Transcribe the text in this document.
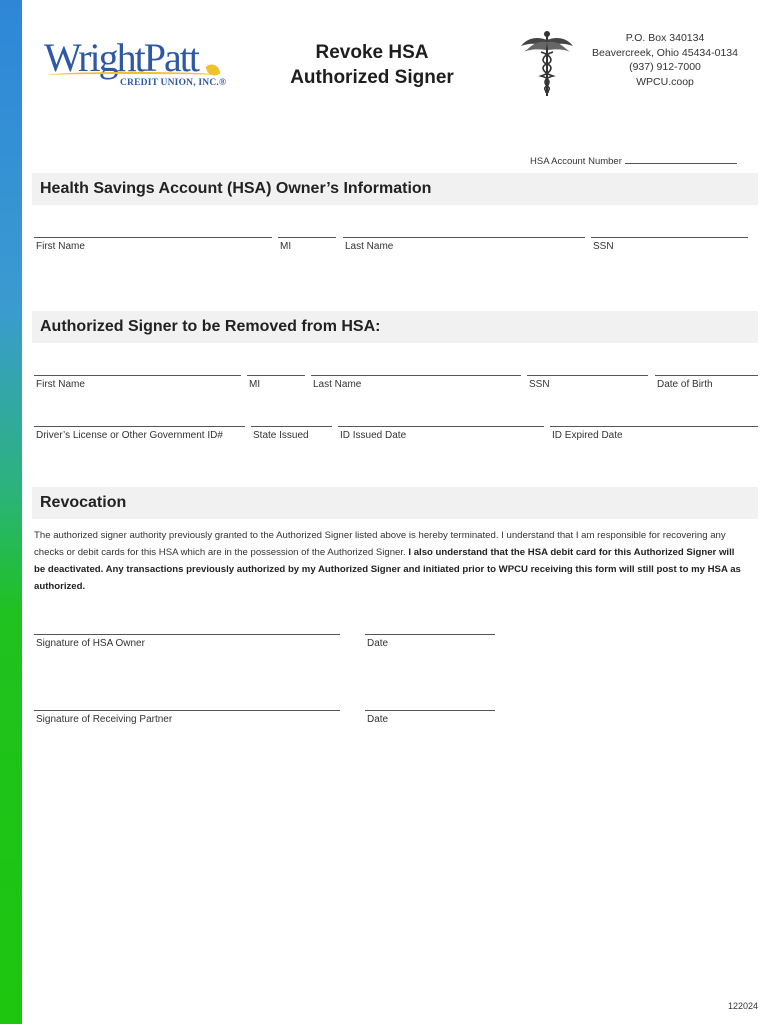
WrightPatt
CREDIT UNION, INC.®
Revoke HSA
Authorized Signer
P.O. Box 340134
Beavercreek, Ohio 45434-0134
(937) 912-7000
WPCU.coop
HSA Account Number
Health Savings Account (HSA) Owner’s Information
First Name	MI	Last Name	SSN
Authorized Signer to be Removed from HSA:
First Name	MI	Last Name	SSN	Date of Birth
Driver’s License or Other Government ID#	State Issued	ID Issued Date	ID Expired Date
Revocation
The authorized signer authority previously granted to the Authorized Signer listed above is hereby terminated. I understand that I am responsible for recovering any checks or debit cards for this HSA which are in the possession of the Authorized Signer. I also understand that the HSA debit card for this Authorized Signer will be deactivated. Any transactions previously authorized by my Authorized Signer and initiated prior to WPCU receiving this form will still post to my HSA as authorized.
Signature of HSA Owner	Date
Signature of Receiving Partner	Date
122024
